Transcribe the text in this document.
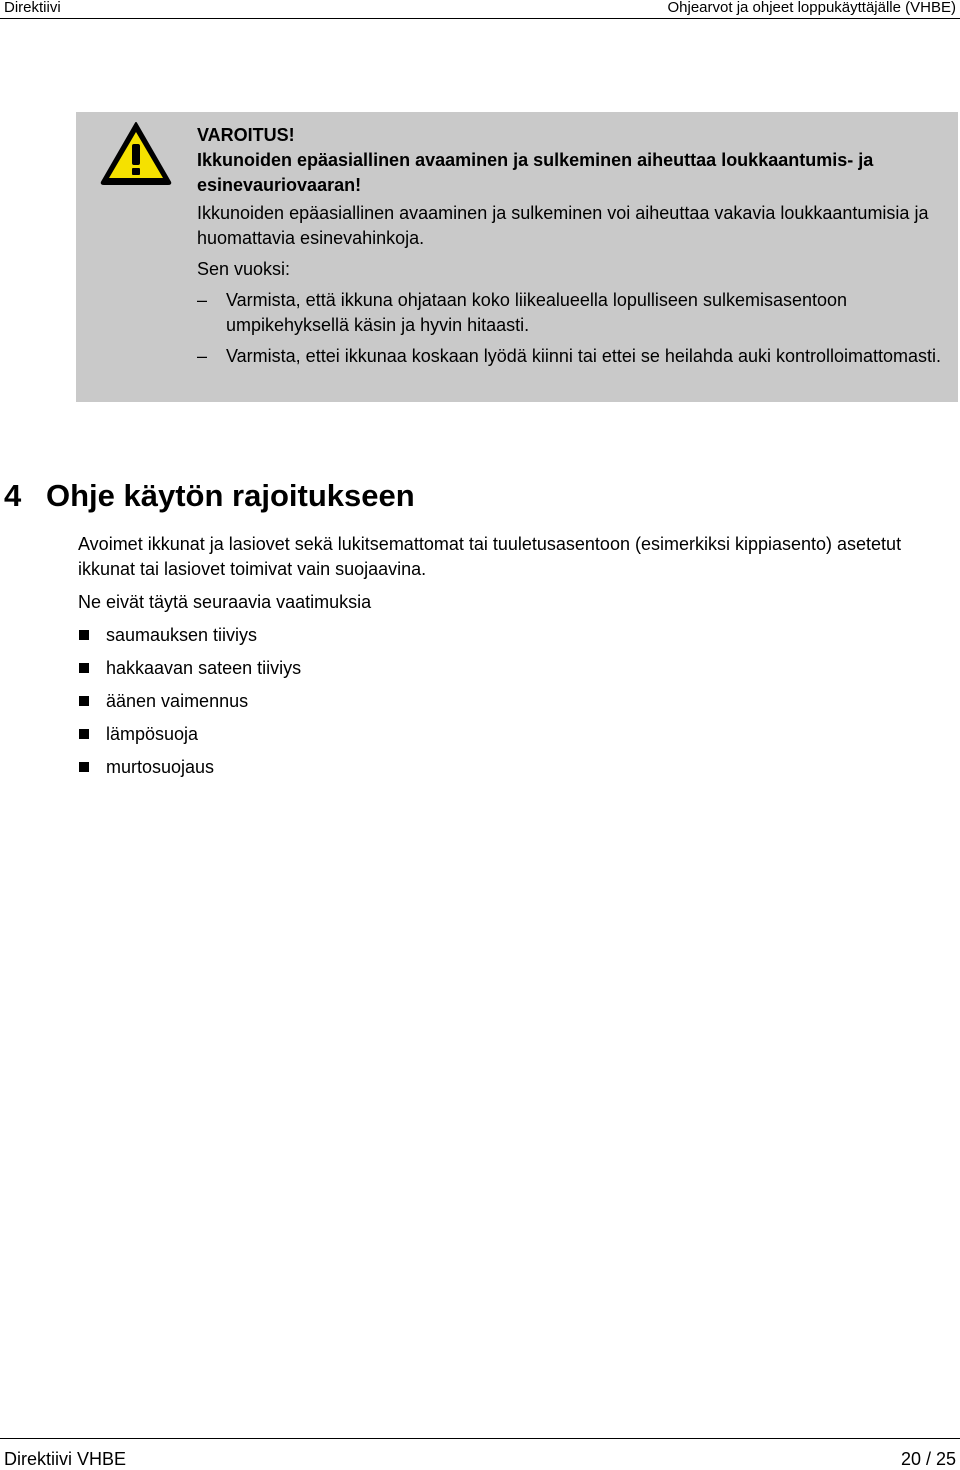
Direktiivi	Ohjearvot ja ohjeet loppukäyttäjälle (VHBE)

VAROITUS!

Ikkunoiden epäasiallinen avaaminen ja sulkeminen aiheuttaa loukkaantumis- ja esinevauriovaaran!

Ikkunoiden epäasiallinen avaaminen ja sulkeminen voi aiheuttaa vakavia loukkaantumisia ja huomattavia esinevahinkoja.

Sen vuoksi:

– Varmista, että ikkuna ohjataan koko liikealueella lopulliseen sulkemisasentoon umpikehyksellä käsin ja hyvin hitaasti.
– Varmista, ettei ikkunaa koskaan lyödä kiinni tai ettei se heilahda auki kontrolloimattomasti.
4 Ohje käytön rajoitukseen

Avoimet ikkunat ja lasiovet sekä lukitsemattomat tai tuuletusasentoon (esimerkiksi kippiasento) asetetut ikkunat tai lasiovet toimivat vain suojaavina.

Ne eivät täytä seuraavia vaatimuksia

saumauksen tiiviys
hakkaavan sateen tiiviys
äänen vaimennus
lämpösuoja
murtosuojaus
Direktiivi VHBE	20 / 25
